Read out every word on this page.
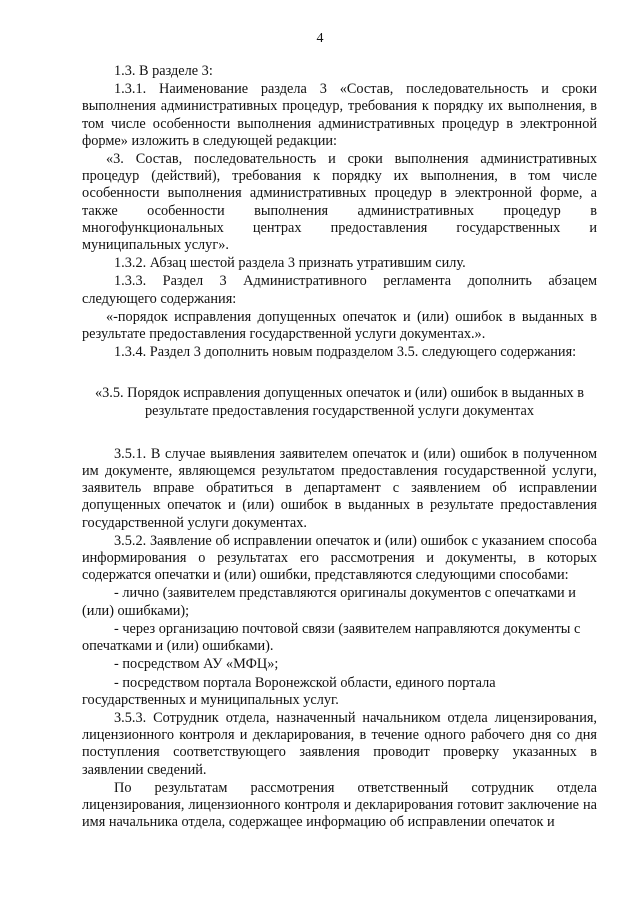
4

1.3. В разделе 3:

1.3.1. Наименование раздела 3 «Состав, последовательность и сроки выполнения административных процедур, требования к порядку их выполнения, в том числе особенности выполнения административных процедур в электронной форме» изложить в следующей редакции:

«3. Состав, последовательность и сроки выполнения административных процедур (действий), требования к порядку их выполнения, в том числе особенности выполнения административных процедур в электронной форме, а также особенности выполнения административных процедур в многофункциональных центрах предоставления государственных и муниципальных услуг».

1.3.2. Абзац шестой раздела 3 признать утратившим силу.

1.3.3. Раздел 3 Административного регламента дополнить абзацем следующего содержания:

«-порядок исправления допущенных опечаток и (или) ошибок в выданных в результате предоставления государственной услуги документах.».

1.3.4. Раздел 3 дополнить новым подразделом 3.5. следующего содержания:

«3.5. Порядок исправления допущенных опечаток и (или) ошибок в выданных в результате предоставления государственной услуги документах

3.5.1. В случае выявления заявителем опечаток и (или) ошибок в полученном им документе, являющемся результатом предоставления государственной услуги, заявитель вправе обратиться в департамент с заявлением об исправлении допущенных опечаток и (или) ошибок в выданных в результате предоставления государственной услуги документах.

3.5.2. Заявление об исправлении опечаток и (или) ошибок с указанием способа информирования о результатах его рассмотрения и документы, в которых содержатся опечатки и (или) ошибки, представляются следующими способами:

- лично (заявителем представляются оригиналы документов с опечатками и (или) ошибками);

- через организацию почтовой связи (заявителем направляются документы с опечатками и (или) ошибками).

- посредством АУ «МФЦ»;

- посредством портала Воронежской области, единого портала государственных и муниципальных услуг.

3.5.3. Сотрудник отдела, назначенный начальником отдела лицензирования, лицензионного контроля и декларирования, в течение одного рабочего дня со дня поступления соответствующего заявления проводит проверку указанных в заявлении сведений.

По результатам рассмотрения ответственный сотрудник отдела лицензирования, лицензионного контроля и декларирования готовит заключение на имя начальника отдела, содержащее информацию об исправлении опечаток и
